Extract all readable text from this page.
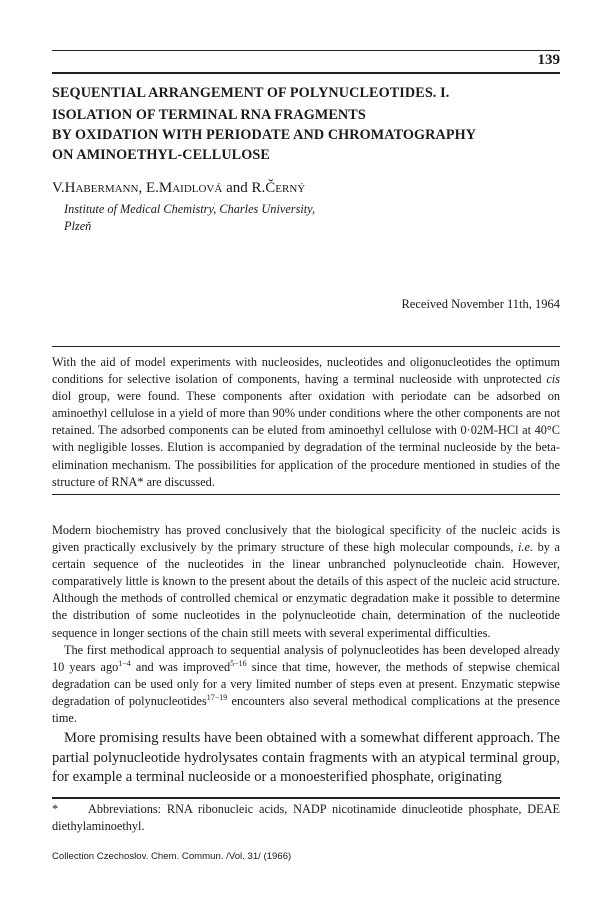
139
SEQUENTIAL ARRANGEMENT OF POLYNUCLEOTIDES. I.
ISOLATION OF TERMINAL RNA FRAGMENTS
BY OXIDATION WITH PERIODATE AND CHROMATOGRAPHY
ON AMINOETHYL-CELLULOSE
V.Habermann, E.Maidlová and R.Černý
Institute of Medical Chemistry, Charles University,
Plzeň
Received November 11th, 1964

With the aid of model experiments with nucleosides, nucleotides and oligonucleotides the optimum conditions for selective isolation of components, having a terminal nucleoside with unprotected cis diol group, were found. These components after oxidation with periodate can be adsorbed on aminoethyl cellulose in a yield of more than 90% under conditions where the other components are not retained. The adsorbed components can be eluted from aminoethyl cellulose with 0·02M-HCl at 40°C with negligible losses. Elution is accompanied by degradation of the terminal nucleoside by the beta-elimination mechanism. The possibilities for application of the procedure mentioned in studies of the structure of RNA* are discussed.

Modern biochemistry has proved conclusively that the biological specificity of the nucleic acids is given practically exclusively by the primary structure of these high molecular compounds, i.e. by a certain sequence of the nucleotides in the linear unbranched polynucleotide chain. However, comparatively little is known to the present about the details of this aspect of the nucleic acid structure. Although the methods of controlled chemical or enzymatic degradation make it possible to determine the distribution of some nucleotides in the polynucleotide chain, determination of the nucleotide sequence in longer sections of the chain still meets with several experimental difficulties.

The first methodical approach to sequential analysis of polynucleotides has been developed already 10 years ago$^{1-4}$ and was improved$^{5-16}$ since that time, however, the methods of stepwise chemical degradation can be used only for a very limited number of steps even at present. Enzymatic stepwise degradation of polynucleotides$^{17-19}$ encounters also several methodical complications at the presence time.

More promising results have been obtained with a somewhat different approach. The partial polynucleotide hydrolysates contain fragments with an atypical terminal group, for example a terminal nucleoside or a monoesterified phosphate, originating

* Abbreviations: RNA ribonucleic acids, NADP nicotinamide dinucleotide phosphate, DEAE diethylaminoethyl.
Collection Czechoslov. Chem. Commun. /Vol. 31/ (1966)
